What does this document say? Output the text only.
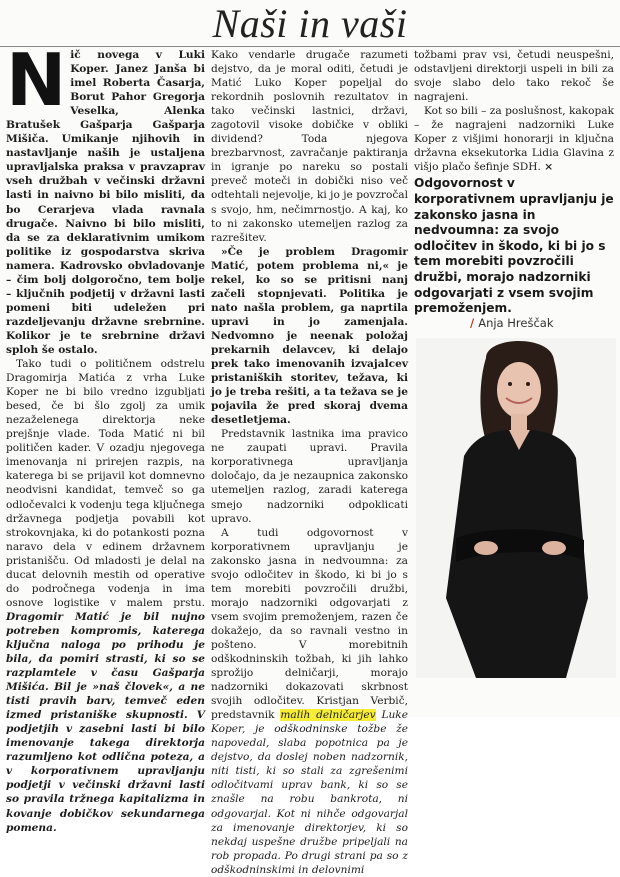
Naši in vaši

Nič novega v Luki Koper. Janez Janša bi imel Roberta Časarja, Borut Pahor Gregorja Veselka, Alenka Bratušek Gašparja Gašparja Mišiča. Umikanje njihovih in nastavljanje naših je ustaljena upravljalska praksa v pravzaprav vseh družbah v večinski državni lasti in naivno bi bilo misliti, da bo Cerarjeva vlada ravnala drugače. Naivno bi bilo misliti, da se za deklarativnim umikom politike iz gospodarstva skriva namera. Kadrovsko obvladovanje – čim bolj dolgoročno, tem bolje – ključnih podjetij v državni lasti pomeni biti udeležen pri razdeljevanju državne srebrnine. Kolikor je te srebrnine državi sploh še ostalo.

Tako tudi o političnem odstrelu Dragomirja Matića z vrha Luke Koper ne bi bilo vredno izgubljati besed, če bi šlo zgolj za umik nezaželenega direktorja neke prejšnje vlade. Toda Matić ni bil političen kader. V ozadju njegovega imenovanja ni prirejen razpis, na katerega bi se prijavil kot domnevno neodvisni kandidat, temveč so ga odločevalci k vodenju tega ključnega državnega podjetja povabili kot strokovnjaka, ki do potankosti pozna naravo dela v edinem državnem pristanišču. Od mladosti je delal na ducat delovnih mestih od operative do področnega vodenja in ima osnove logistike v malem prstu. Dragomir Matić je bil nujno potreben kompromis, katerega ključna naloga po prihodu je bila, da pomiri strasti, ki so se razplamtele v času Gašparja Mišića. Bil je »naš človek«, a ne tisti pravih barv, temveč eden izmed pristaniške skupnosti. V podjetjih v zasebni lasti bi bilo imenovanje takega direktorja razumljeno kot odlična poteza, a v korporativnem upravljanju podjetji v večinski državni lasti so pravila tržnega kapitalizma in kovanje dobičkov sekundarnega pomena.

Kako vendarle drugače razumeti dejstvo, da je moral oditi, četudi je Matić Luko Koper popeljal do rekordnih poslovnih rezultatov in tako večinski lastnici, državi, zagotovil visoke dobičke v obliki dividend? Toda njegova brezbarvnost, zavračanje paktiranja in igranje po nareku so postali preveč moteči in dobički niso več odtehtali nejevolje, ki jo je povzročal s svojo, hm, nečimrnostjo. A kaj, ko to ni zakonsko utemeljen razlog za razrešitev.

»Če je problem Dragomir Matić, potem problema ni,« je rekel, ko so se pritisni nanj začeli stopnjevati. Politika je nato našla problem, ga naprtila upravi in jo zamenjala. Nedvomno je neenak položaj prekarnih delavcev, ki delajo prek tako imenovanih izvajalcev pristaniških storitev, težava, ki jo je treba rešiti, a ta težava se je pojavila že pred skoraj dvema desetletjema.

Predstavnik lastnika ima pravico ne zaupati upravi. Pravila korporativnega upravljanja določajo, da je nezaupnica zakonsko utemeljen razlog, zaradi katerega smejo nadzorniki odpoklicati upravo.

A tudi odgovornost v korporativnem upravljanju je zakonsko jasna in nedvoumna: za svojo odločitev in škodo, ki bi jo s tem morebiti povzročili družbi, morajo nadzorniki odgovarjati z vsem svojim premoženjem, razen če dokažejo, da so ravnali vestno in pošteno. V morebitnih odškodninskih tožbah, ki jih lahko sprožijo delničarji, morajo nadzorniki dokazovati skrbnost svojih odločitev. Kristjan Verbič, predstavnik malih delničarjev Luke Koper, je odškodninske tožbe že napovedal, slaba popotnica pa je dejstvo, da doslej noben nadzornik, niti tisti, ki so stali za zgrešenimi odločitvami uprav bank, ki so se znašle na robu bankrota, ni odgovarjal. Kot ni nihče odgovarjal za imenovanje direktorjev, ki so nekdaj uspešne družbe pripeljali na rob propada. Po drugi strani pa so z odškodninskimi in delovnimi

tožbami prav vsi, četudi neuspešni, odstavljeni direktorji uspeli in bili za svoje slabo delo tako rekoč še nagrajeni.

Kot so bili – za poslušnost, kakopak – že nagrajeni nadzorniki Luke Koper z višjimi honorarji in ključna državna eksekutorka Lidia Glavina z višjo plačo šefinje SDH. ×

Odgovornost v korporativnem upravljanju je zakonsko jasna in nedvoumna: za svojo odločitev in škodo, ki bi jo s tem morebiti povzročili družbi, morajo nadzorniki odgovarjati z vsem svojim premoženjem.
/ Anja Hreščak
